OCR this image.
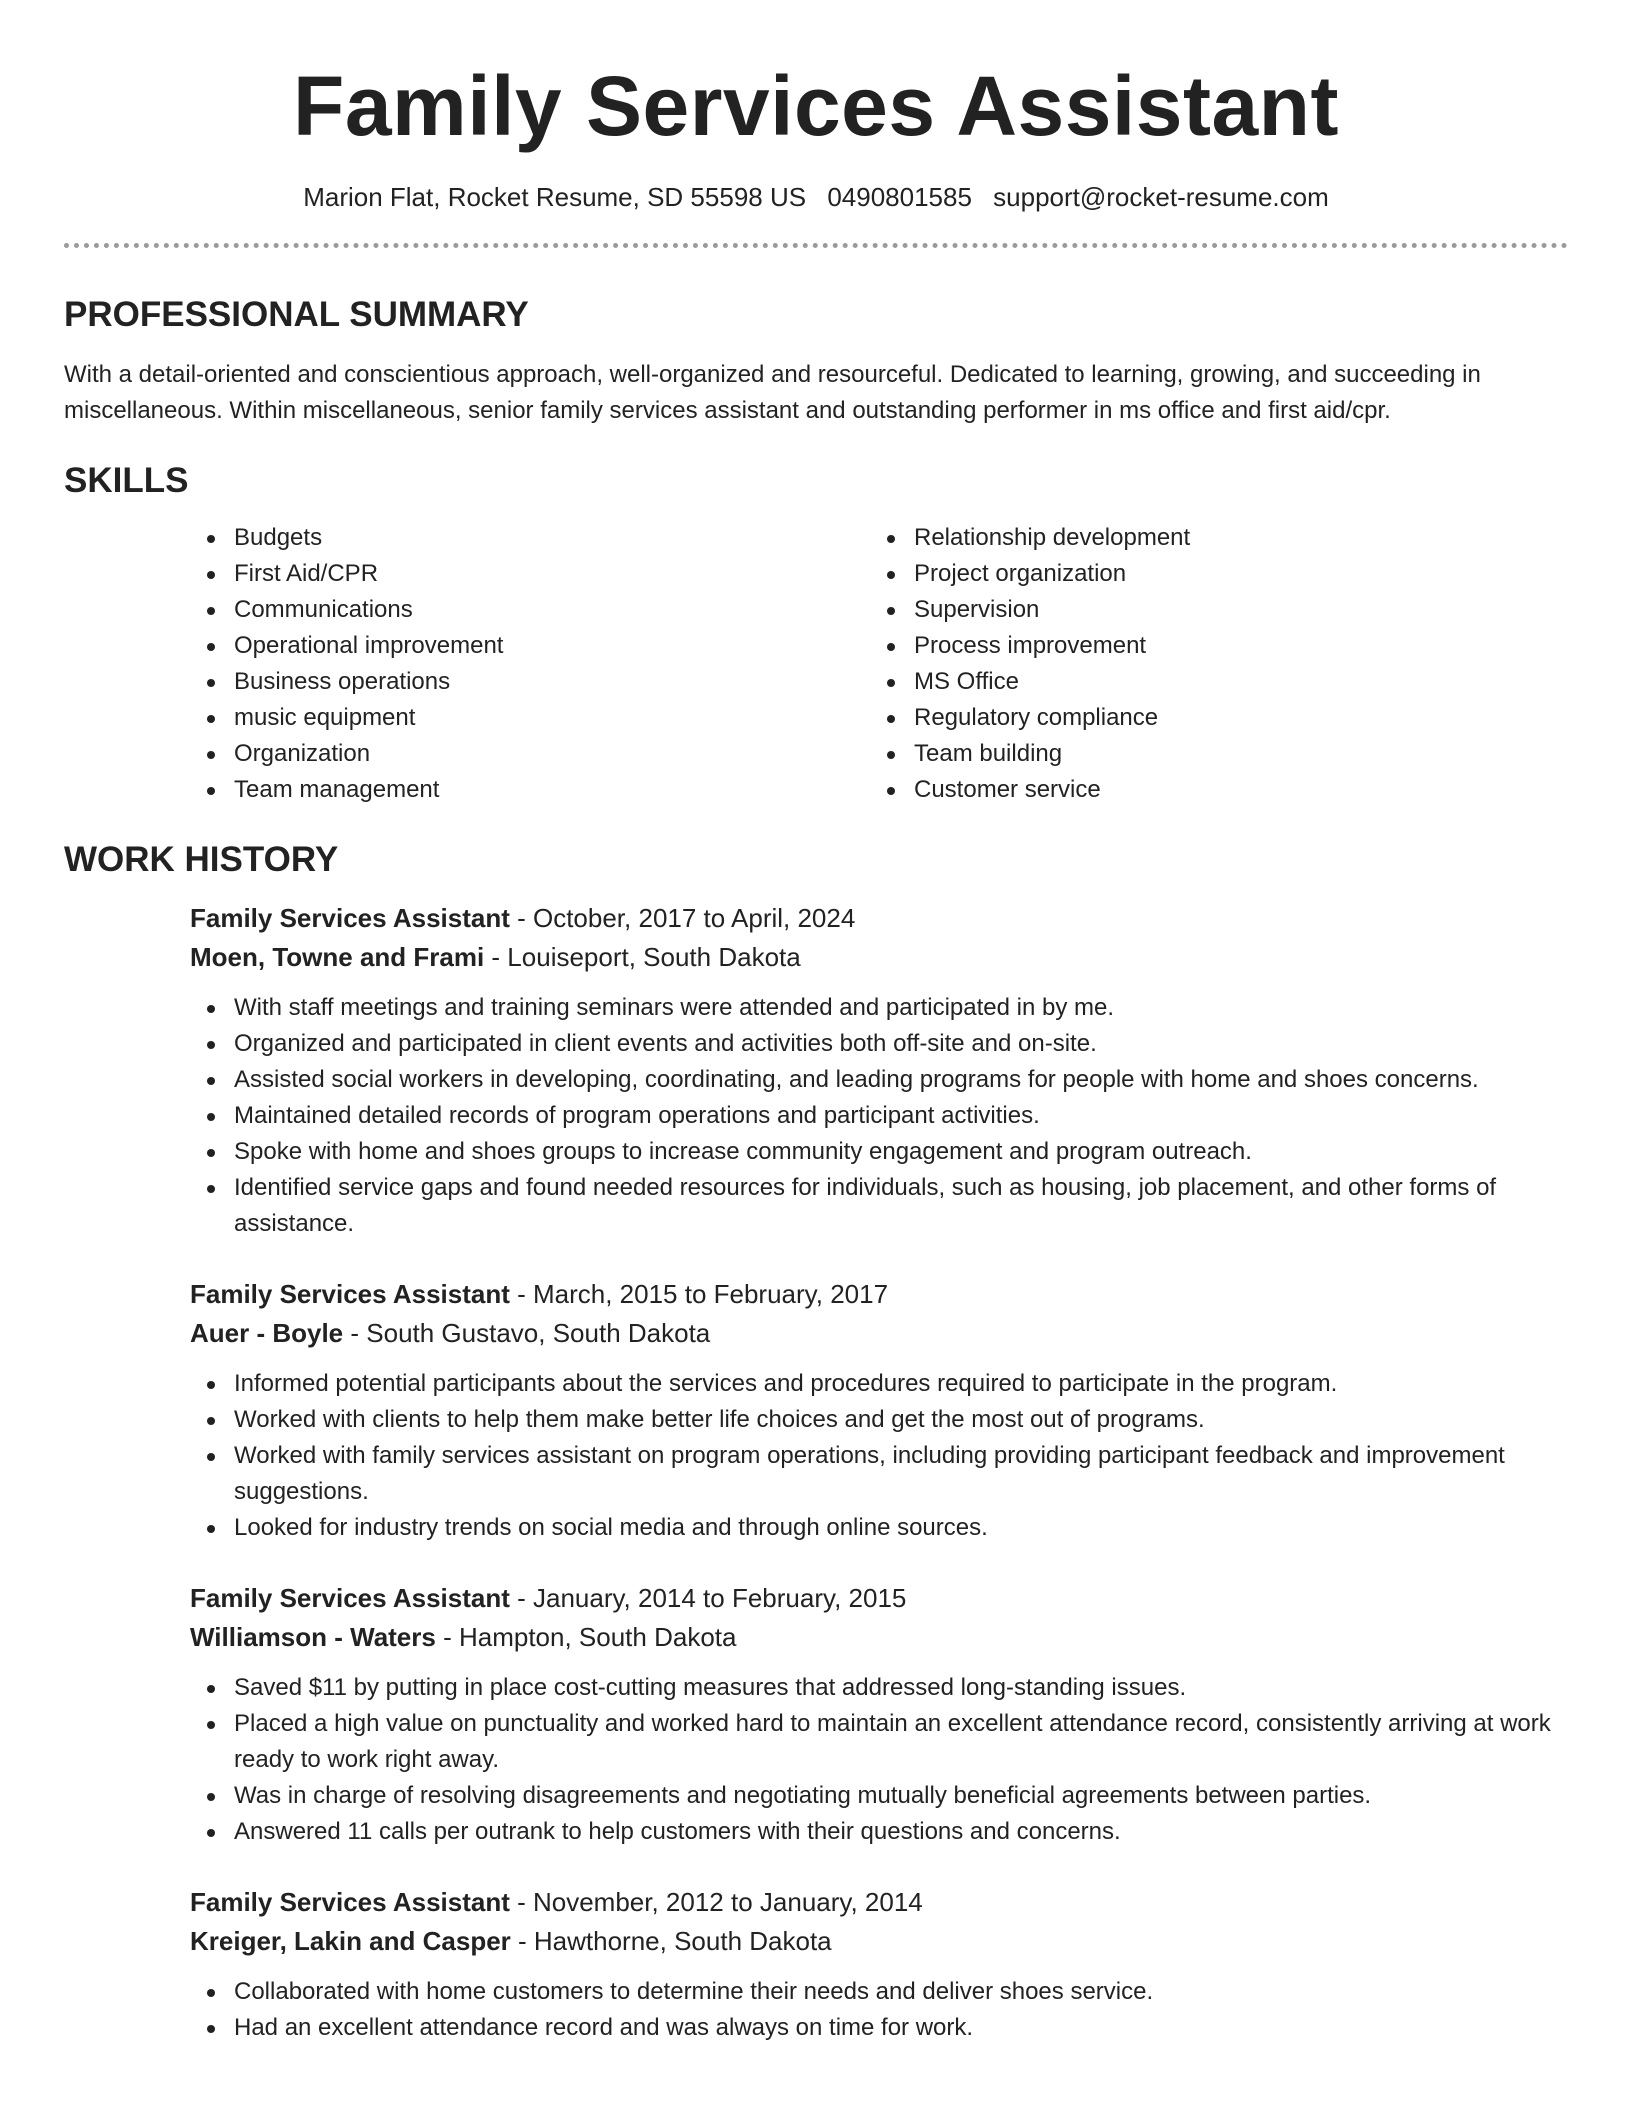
Family Services Assistant
Marion Flat, Rocket Resume, SD 55598 US 0490801585 support@rocket-resume.com
PROFESSIONAL SUMMARY

With a detail-oriented and conscientious approach, well-organized and resourceful. Dedicated to learning, growing, and succeeding in miscellaneous. Within miscellaneous, senior family services assistant and outstanding performer in ms office and first aid/cpr.

SKILLS
Budgets
First Aid/CPR
Communications
Operational improvement
Business operations
music equipment
Organization
Team management
Relationship development
Project organization
Supervision
Process improvement
MS Office
Regulatory compliance
Team building
Customer service
WORK HISTORY
Family Services Assistant - October, 2017 to April, 2024
Moen, Towne and Frami - Louiseport, South Dakota
With staff meetings and training seminars were attended and participated in by me.
Organized and participated in client events and activities both off-site and on-site.
Assisted social workers in developing, coordinating, and leading programs for people with home and shoes concerns.
Maintained detailed records of program operations and participant activities.
Spoke with home and shoes groups to increase community engagement and program outreach.
Identified service gaps and found needed resources for individuals, such as housing, job placement, and other forms of assistance.
Family Services Assistant - March, 2015 to February, 2017
Auer - Boyle - South Gustavo, South Dakota
Informed potential participants about the services and procedures required to participate in the program.
Worked with clients to help them make better life choices and get the most out of programs.
Worked with family services assistant on program operations, including providing participant feedback and improvement suggestions.
Looked for industry trends on social media and through online sources.
Family Services Assistant - January, 2014 to February, 2015
Williamson - Waters - Hampton, South Dakota
Saved $11 by putting in place cost-cutting measures that addressed long-standing issues.
Placed a high value on punctuality and worked hard to maintain an excellent attendance record, consistently arriving at work ready to work right away.
Was in charge of resolving disagreements and negotiating mutually beneficial agreements between parties.
Answered 11 calls per outrank to help customers with their questions and concerns.
Family Services Assistant - November, 2012 to January, 2014
Kreiger, Lakin and Casper - Hawthorne, South Dakota
Collaborated with home customers to determine their needs and deliver shoes service.
Had an excellent attendance record and was always on time for work.
